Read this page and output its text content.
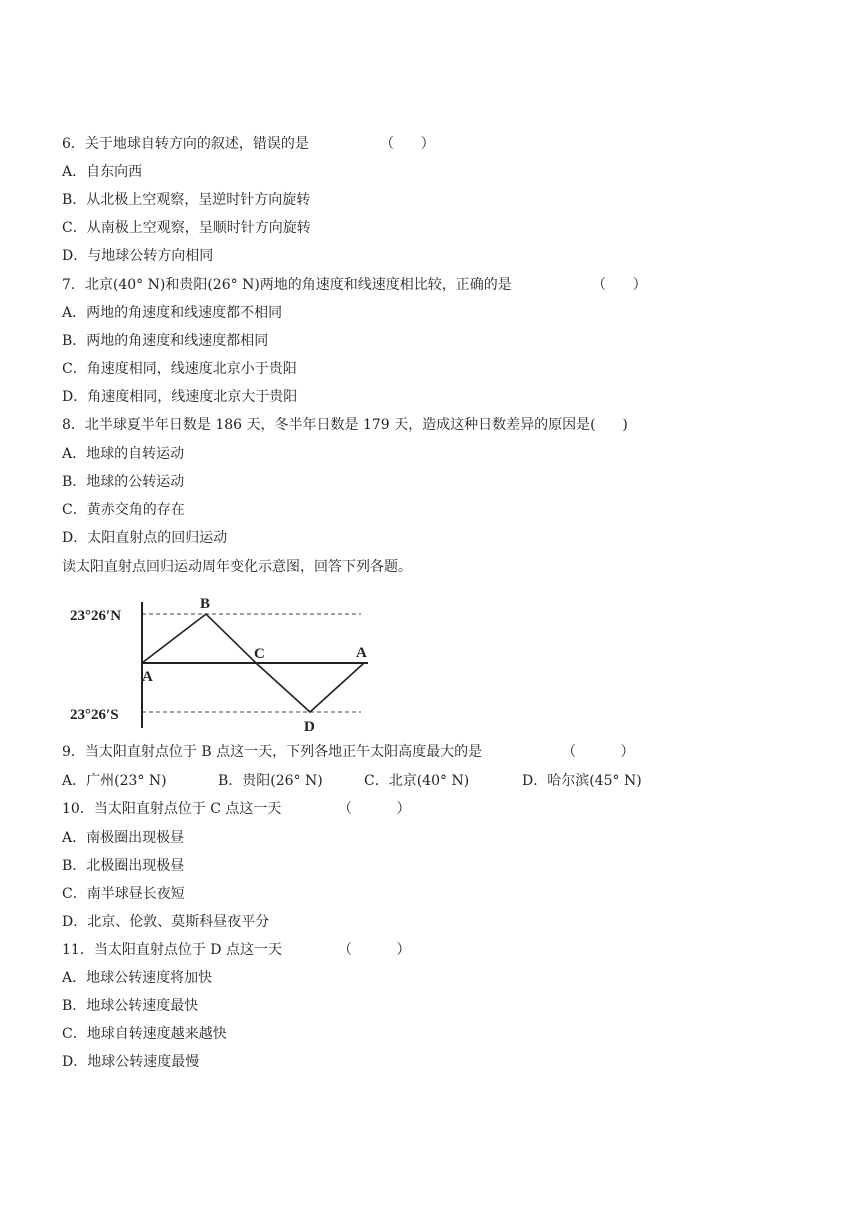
6．关于地球自转方向的叙述，错误的是	（      ）
A．自东向西
B．从北极上空观察，呈逆时针方向旋转
C．从南极上空观察，呈顺时针方向旋转
D．与地球公转方向相同
7．北京(40° N)和贵阳(26° N)两地的角速度和线速度相比较，正确的是	（      ）
A．两地的角速度和线速度都不相同
B．两地的角速度和线速度都相同
C．角速度相同，线速度北京小于贵阳
D．角速度相同，线速度北京大于贵阳
8．北半球夏半年日数是 186 天，冬半年日数是 179 天，造成这种日数差异的原因是( )
A．地球的自转运动
B．地球的公转运动
C．黄赤交角的存在
D．太阳直射点的回归运动
读太阳直射点回归运动周年变化示意图，回答下列各题。
23°26′N
23°26′S
B
C	A
A
D
9．当太阳直射点位于 B 点这一天，下列各地正午太阳高度最大的是	（          ）

A．广州(23° N)

	B．贵阳(26° N)

	C．北京(40° N)

	D．哈尔滨(45° N)

10．当太阳直射点位于 C 点这一天	（          ）
A．南极圈出现极昼
B．北极圈出现极昼
C．南半球昼长夜短
D．北京、伦敦、莫斯科昼夜平分
11．当太阳直射点位于 D 点这一天	（          ）
A．地球公转速度将加快
B．地球公转速度最快
C．地球自转速度越来越快
D．地球公转速度最慢
